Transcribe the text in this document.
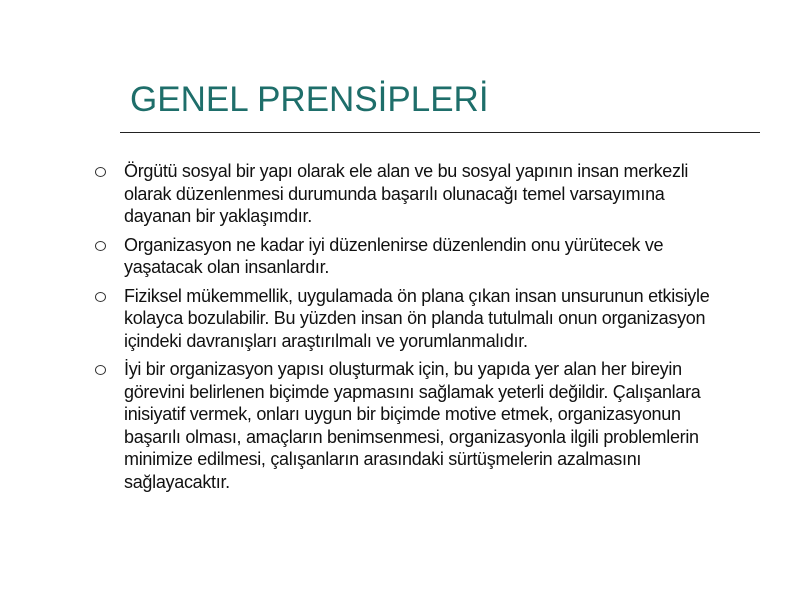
GENEL PRENSİPLERİ
Örgütü sosyal bir yapı olarak ele alan ve bu sosyal yapının insan merkezli
olarak düzenlenmesi durumunda başarılı olunacağı temel varsayımına
dayanan bir yaklaşımdır.
Organizasyon ne kadar iyi düzenlenirse düzenlendin onu yürütecek ve
yaşatacak olan insanlardır.
Fiziksel mükemmellik, uygulamada ön plana çıkan insan unsurunun etkisiyle
kolayca bozulabilir. Bu yüzden insan ön planda tutulmalı onun organizasyon
içindeki davranışları araştırılmalı ve yorumlanmalıdır.
İyi bir organizasyon yapısı oluşturmak için, bu yapıda yer alan her bireyin
görevini belirlenen biçimde yapmasını sağlamak yeterli değildir. Çalışanlara
inisiyatif vermek, onları uygun bir biçimde motive etmek, organizasyonun
başarılı olması, amaçların benimsenmesi, organizasyonla ilgili problemlerin
minimize edilmesi, çalışanların arasındaki sürtüşmelerin azalmasını
sağlayacaktır.
